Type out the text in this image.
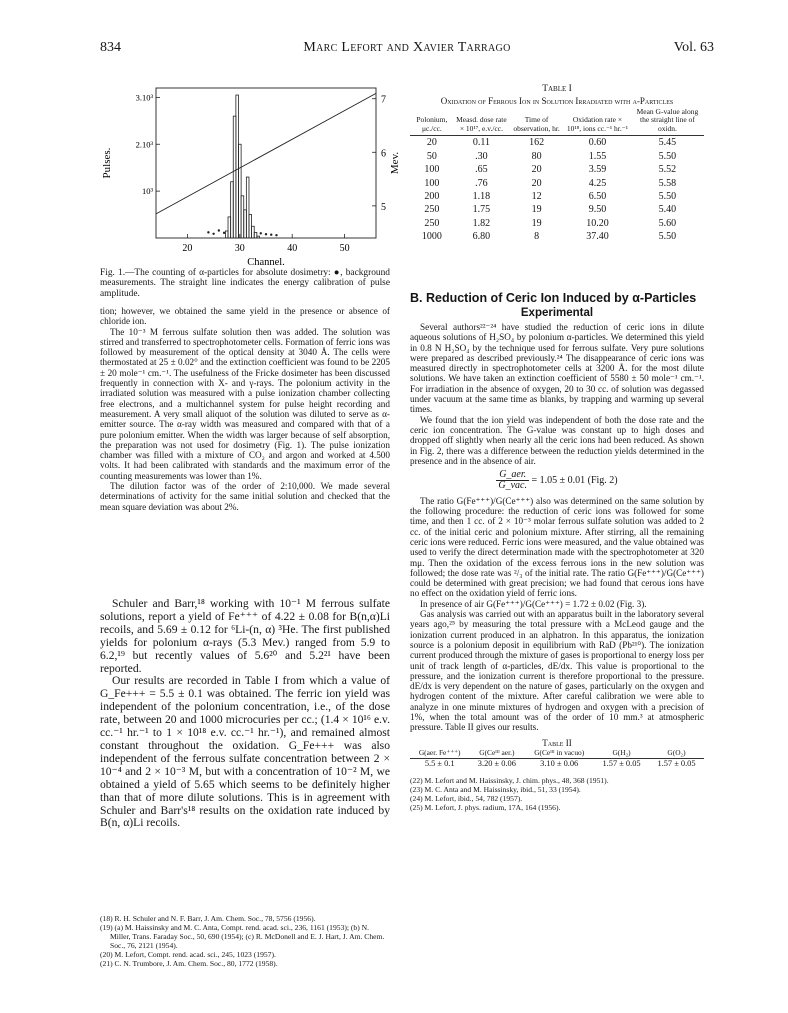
834	Marc Lefort and Xavier Tarrago	Vol. 63
20	30	40	50
3.10³
2.10³
10³
7
6
5
Channel.
Pulses.	Mev.

Fig. 1.—The counting of α-particles for absolute dosimetry: ●, background measurements. The straight line indicates the energy calibration of pulse amplitude.

tion; however, we obtained the same yield in the presence or absence of chloride ion.

The 10⁻³ M ferrous sulfate solution then was added. The solution was stirred and transferred to spectrophotometer cells. Formation of ferric ions was followed by measurement of the optical density at 3040 Å. The cells were thermostated at 25 ± 0.02° and the extinction coefficient was found to be 2205 ± 20 mole⁻¹ cm.⁻¹. The usefulness of the Fricke dosimeter has been discussed frequently in connection with X- and γ-rays. The polonium activity in the irradiated solution was measured with a pulse ionization chamber collecting free electrons, and a multichannel system for pulse height recording and measurement. A very small aliquot of the solution was diluted to serve as α-emitter source. The α-ray width was measured and compared with that of a pure polonium emitter. When the width was larger because of self absorption, the preparation was not used for dosimetry (Fig. 1). The pulse ionization chamber was filled with a mixture of CO₂ and argon and worked at 4.500 volts. It had been calibrated with standards and the maximum error of the counting measurements was lower than 1%.

The dilution factor was of the order of 2:10,000. We made several determinations of activity for the same initial solution and checked that the mean square deviation was about 2%.

Schuler and Barr,¹⁸ working with 10⁻¹ M ferrous sulfate solutions, report a yield of Fe⁺⁺⁺ of 4.22 ± 0.08 for B(n,α)Li recoils, and 5.69 ± 0.12 for ⁶Li-(n, α) ³He. The first published yields for polonium α-rays (5.3 Mev.) ranged from 5.9 to 6.2,¹⁹ but recently values of 5.6²⁰ and 5.2²¹ have been reported.

Our results are recorded in Table I from which a value of G_Fe+++ = 5.5 ± 0.1 was obtained. The ferric ion yield was independent of the polonium concentration, i.e., of the dose rate, between 20 and 1000 microcuries per cc.; (1.4 × 10¹⁶ e.v. cc.⁻¹ hr.⁻¹ to 1 × 10¹⁸ e.v. cc.⁻¹ hr.⁻¹), and remained almost constant throughout the oxidation. G_Fe+++ was also independent of the ferrous sulfate concentration between 2 × 10⁻⁴ and 2 × 10⁻³ M, but with a concentration of 10⁻² M, we obtained a yield of 5.65 which seems to be definitely higher than that of more dilute solutions. This is in agreement with Schuler and Barr's¹⁸ results on the oxidation rate induced by B(n, α)Li recoils.

(18) R. H. Schuler and N. F. Barr, J. Am. Chem. Soc., 78, 5756 (1956).

(19) (a) M. Haissinsky and M. C. Anta, Compt. rend. acad. sci., 236, 1161 (1953); (b) N. Miller, Trans. Faraday Soc., 50, 690 (1954); (c) R. McDonell and E. J. Hart, J. Am. Chem. Soc., 76, 2121 (1954).

(20) M. Lefort, Compt. rend. acad. sci., 245, 1023 (1957).

(21) C. N. Trumbore, J. Am. Chem. Soc., 80, 1772 (1958).

Table I
Oxidation of Ferrous Ion in Solution Irradiated with α-Particles
Polonium, μc./cc.	Measd. dose rate × 10¹⁷, e.v./cc.	Time of observation, hr.	Oxidation rate × 10¹⁸, ions cc.⁻¹ hr.⁻¹	Mean G-value along the straight line of oxidn.
20	0.11	162	0.60	5.45
50	.30	80	1.55	5.50
100	.65	20	3.59	5.52
100	.76	20	4.25	5.58
200	1.18	12	6.50	5.50
250	1.75	19	9.50	5.40
250	1.82	19	10.20	5.60
1000	6.80	8	37.40	5.50
B. Reduction of Ceric Ion Induced by α-Particles
Experimental

Several authors²²⁻²⁴ have studied the reduction of ceric ions in dilute aqueous solutions of H₂SO₄ by polonium α-particles. We determined this yield in 0.8 N H₂SO₄ by the technique used for ferrous sulfate. Very pure solutions were prepared as described previously.²⁴ The disappearance of ceric ions was measured directly in spectrophotometer cells at 3200 Å. for the most dilute solutions. We have taken an extinction coefficient of 5580 ± 50 mole⁻¹ cm.⁻¹. For irradiation in the absence of oxygen, 20 to 30 cc. of solution was degassed under vacuum at the same time as blanks, by trapping and warming up several times.

We found that the ion yield was independent of both the dose rate and the ceric ion concentration. The G-value was constant up to high doses and dropped off slightly when nearly all the ceric ions had been reduced. As shown in Fig. 2, there was a difference between the reduction yields determined in the presence and in the absence of air.

$\frac{\text{G\_aer.}}{\text{G\_vac.}} = 1.05 \pm 0.01$ (Fig. 2)

The ratio G(Fe⁺⁺⁺)/G(Ce⁺⁺⁺) also was determined on the same solution by the following procedure: the reduction of ceric ions was followed for some time, and then 1 cc. of 2 × 10⁻³ molar ferrous sulfate solution was added to 2 cc. of the initial ceric and polonium mixture. After stirring, all the remaining ceric ions were reduced. Ferric ions were measured, and the value obtained was used to verify the direct determination made with the spectrophotometer at 320 mμ. Then the oxidation of the excess ferrous ions in the new solution was followed; the dose rate was ²/₃ of the initial rate. The ratio G(Fe⁺⁺⁺)/G(Ce⁺⁺⁺) could be determined with great precision; we had found that cerous ions have no effect on the oxidation yield of ferric ions.

In presence of air G(Fe⁺⁺⁺)/G(Ce⁺⁺⁺) = 1.72 ± 0.02 (Fig. 3).

Gas analysis was carried out with an apparatus built in the laboratory several years ago,²⁵ by measuring the total pressure with a McLeod gauge and the ionization current produced in an alphatron. In this apparatus, the ionization source is a polonium deposit in equilibrium with RaD (Pb²¹⁰). The ionization current produced through the mixture of gases is proportional to energy loss per unit of track length of α-particles, dE/dx. This value is proportional to the pressure, and the ionization current is therefore proportional to the pressure. dE/dx is very dependent on the nature of gases, particularly on the oxygen and hydrogen content of the mixture. After careful calibration we were able to analyze in one minute mixtures of hydrogen and oxygen with a precision of 1%, when the total amount was of the order of 10 mm.³ at atmospheric pressure. Table II gives our results.

Table II
G(aer. Fe⁺⁺⁺)	G(Ceᴵᴵᴵ aer.)	G(Ceᴵᴵᴵ in vacuo)	G(H₂)	G(O₂)
5.5 ± 0.1	3.20 ± 0.06	3.10 ± 0.06	1.57 ± 0.05	1.57 ± 0.05

(22) M. Lefort and M. Haissinsky, J. chim. phys., 48, 368 (1951).

(23) M. C. Anta and M. Haissinsky, ibid., 51, 33 (1954).

(24) M. Lefort, ibid., 54, 782 (1957).

(25) M. Lefort, J. phys. radium, 17A, 164 (1956).
